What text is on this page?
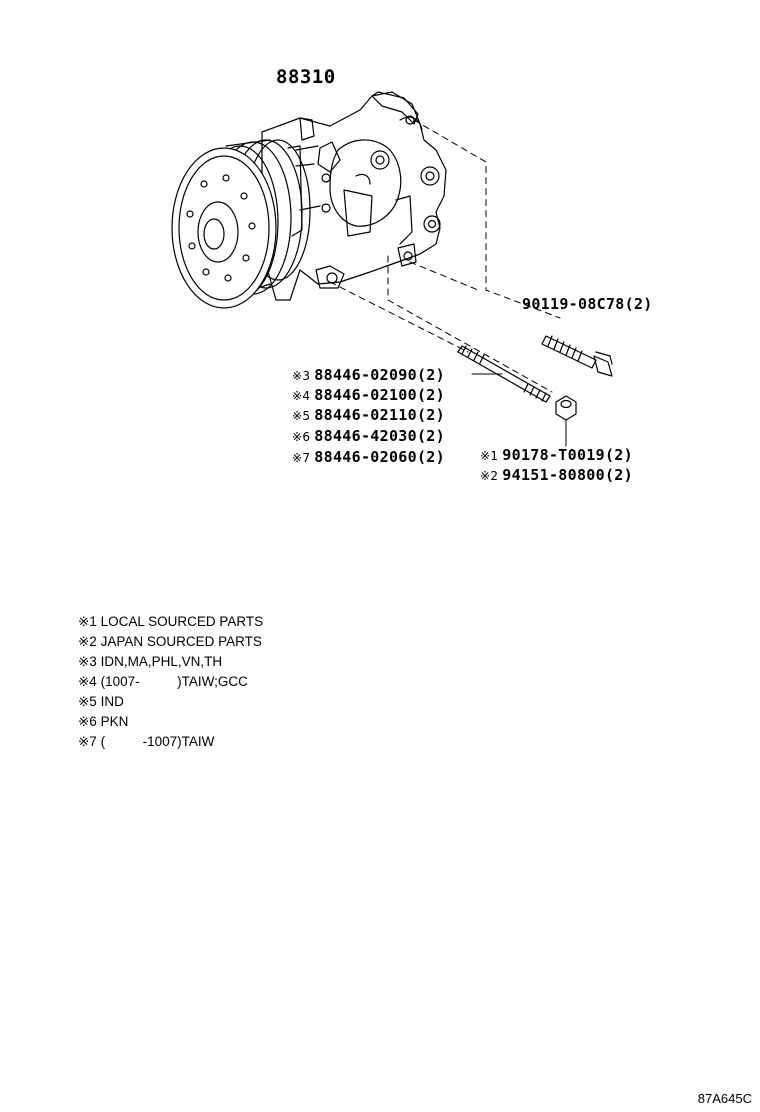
88310
90119-08C78(2)
※3 88446-02090(2)
※4 88446-02100(2)
※5 88446-02110(2)
※6 88446-42030(2)
※7 88446-02060(2)	※1 90178-T0019(2)
※2 94151-80800(2)
※1 LOCAL SOURCED PARTS
※2 JAPAN SOURCED PARTS
※3 IDN,MA,PHL,VN,TH
※4 (1007-          )TAIW;GCC
※5 IND
※6 PKN
※7 (          -1007)TAIW
87A645C
